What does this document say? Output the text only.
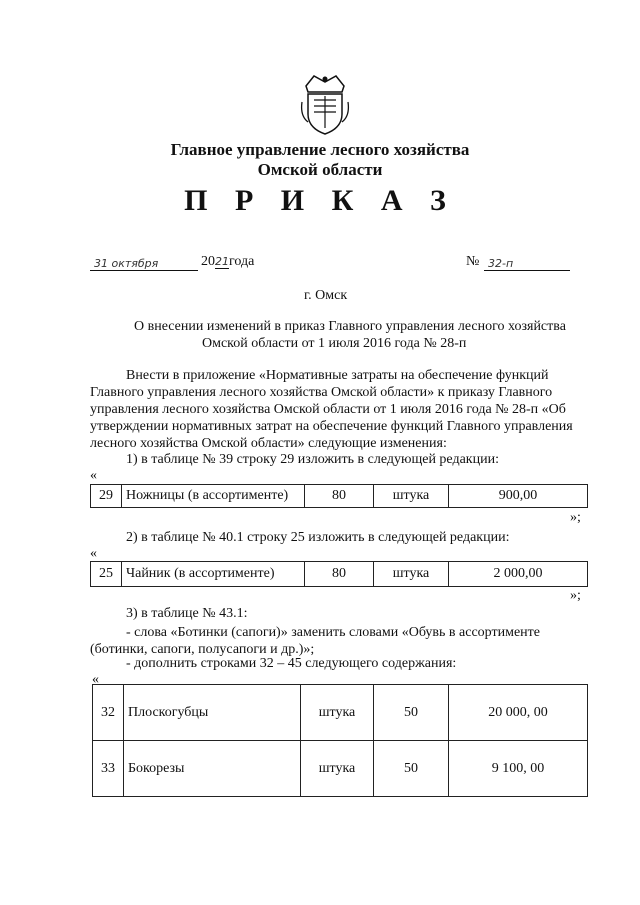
Главное управление лесного хозяйства
Омской области
П Р И К А З
31 октября	2021года	№ 32-п
г. Омск
О внесении изменений в приказ Главного управления лесного хозяйства
Омской области от 1 июля 2016 года № 28-п
Внести в приложение «Нормативные затраты на обеспечение функций
Главного управления лесного хозяйства Омской области» к приказу Главного
управления лесного хозяйства Омской области от 1 июля 2016 года № 28-п «Об
утверждении нормативных затрат на обеспечение функций Главного управления
лесного хозяйства Омской области» следующие изменения:
1) в таблице № 39 строку 29 изложить в следующей редакции:
«
29	Ножницы (в ассортименте)	80	штука	900,00
»;
2) в таблице № 40.1 строку 25 изложить в следующей редакции:
«
25	Чайник (в ассортименте)	80	штука	2 000,00
»;
3) в таблице № 43.1:
- слова «Ботинки (сапоги)» заменить словами «Обувь в ассортименте
(ботинки, сапоги, полусапоги и др.)»;
- дополнить строками 32 – 45 следующего содержания:
«
32	Плоскогубцы	штука	50	20 000, 00
33	Бокорезы	штука	50	9 100, 00
